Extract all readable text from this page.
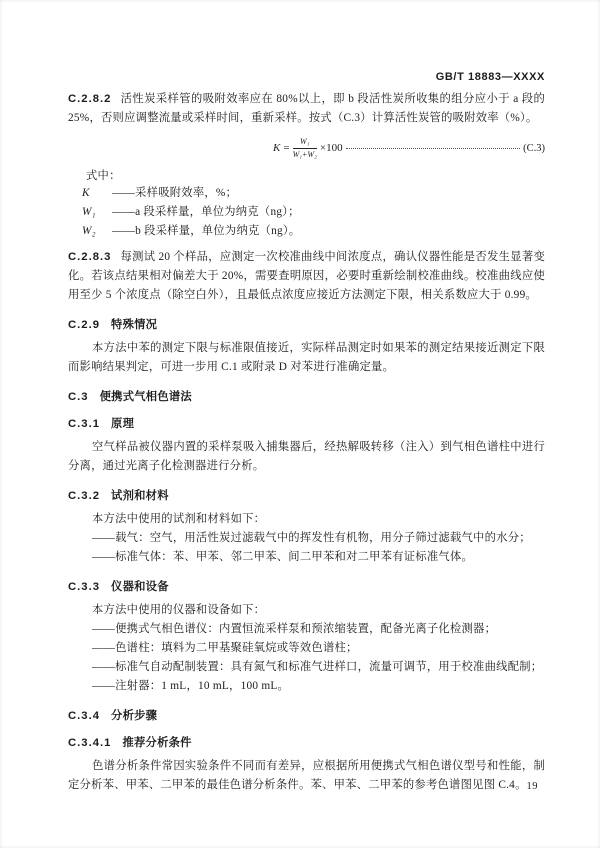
GB/T 18883—XXXX

C.2.8.2 活性炭采样管的吸附效率应在 80%以上，即 b 段活性炭所收集的组分应小于 a 段的 25%，否则应调整流量或采样时间，重新采样。按式（C.3）计算活性炭管的吸附效率（%）。

$K = \frac{\text{W₁}}{\text{W₁+W₂}} \times 100$	(C.3)

式中：

K	——采样吸附效率，%；
W₁	——a 段采样量，单位为纳克（ng）；
W₂	——b 段采样量，单位为纳克（ng）。

C.2.8.3 每测试 20 个样品，应测定一次校准曲线中间浓度点，确认仪器性能是否发生显著变化。若该点结果相对偏差大于 20%，需要查明原因，必要时重新绘制校准曲线。校准曲线应使用至少 5 个浓度点（除空白外），且最低点浓度应接近方法测定下限，相关系数应大于 0.99。

C.2.9 特殊情况

本方法中苯的测定下限与标准限值接近，实际样品测定时如果苯的测定结果接近测定下限而影响结果判定，可进一步用 C.1 或附录 D 对苯进行准确定量。

C.3 便携式气相色谱法
C.3.1 原理

空气样品被仪器内置的采样泵吸入捕集器后，经热解吸转移（注入）到气相色谱柱中进行分离，通过光离子化检测器进行分析。

C.3.2 试剂和材料

本方法中使用的试剂和材料如下：

——载气：空气，用活性炭过滤载气中的挥发性有机物，用分子筛过滤载气中的水分；

——标准气体：苯、甲苯、邻二甲苯、间二甲苯和对二甲苯有证标准气体。

C.3.3 仪器和设备

本方法中使用的仪器和设备如下：

——便携式气相色谱仪：内置恒流采样泵和预浓缩装置，配备光离子化检测器；

——色谱柱：填料为二甲基聚硅氧烷或等效色谱柱；

——标准气自动配制装置：具有氮气和标准气进样口，流量可调节，用于校准曲线配制；

——注射器：1 mL，10 mL，100 mL。

C.3.4 分析步骤
C.3.4.1 推荐分析条件

色谱分析条件常因实验条件不同而有差异，应根据所用便携式气相色谱仪型号和性能，制定分析苯、甲苯、二甲苯的最佳色谱分析条件。苯、甲苯、二甲苯的参考色谱图见图 C.4。 19
